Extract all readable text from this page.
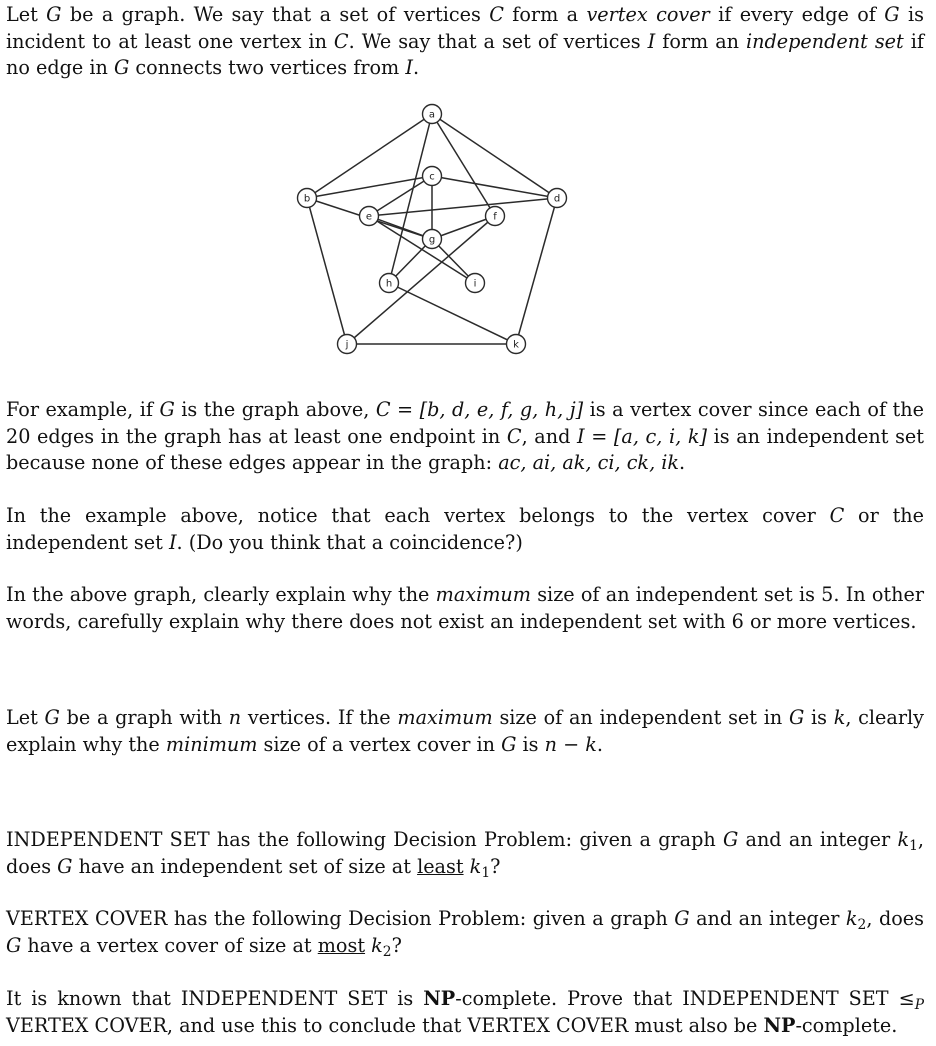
Let G be a graph. We say that a set of vertices C form a vertex cover if every edge of G is incident to at least one vertex in C. We say that a set of vertices I form an independent set if no edge in G connects two vertices from I.

a
b
c
d
e	f
g
h	i
j	k

For example, if G is the graph above, C = [b, d, e, f, g, h, j] is a vertex cover since each of the 20 edges in the graph has at least one endpoint in C, and I = [a, c, i, k] is an independent set because none of these edges appear in the graph: ac, ai, ak, ci, ck, ik.

In the example above, notice that each vertex belongs to the vertex cover C or the independent set I. (Do you think that a coincidence?)

In the above graph, clearly explain why the maximum size of an independent set is 5. In other words, carefully explain why there does not exist an independent set with 6 or more vertices.

Let G be a graph with n vertices. If the maximum size of an independent set in G is k, clearly explain why the minimum size of a vertex cover in G is n − k.

INDEPENDENT SET has the following Decision Problem: given a graph G and an integer $k_1$, does G have an independent set of size at least $k_1$?

VERTEX COVER has the following Decision Problem: given a graph G and an integer $k_2$, does G have a vertex cover of size at most $k_2$?

It is known that INDEPENDENT SET is NP-complete. Prove that INDEPENDENT SET $\le_P$ VERTEX COVER, and use this to conclude that VERTEX COVER must also be NP-complete.
